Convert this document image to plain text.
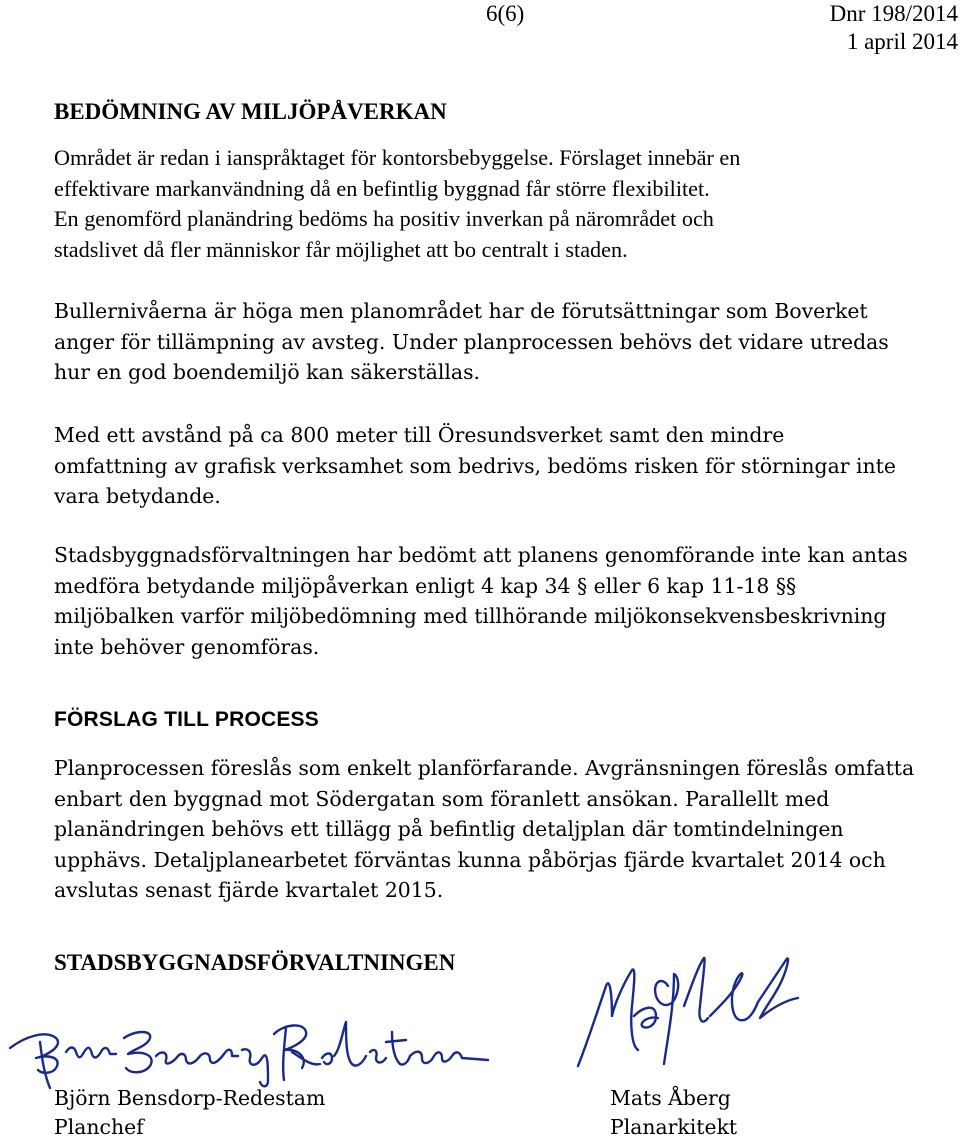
6(6)	Dnr 198/2014
1 april 2014
BEDÖMNING AV MILJÖPÅVERKAN

Området är redan i ianspråktaget för kontorsbebyggelse. Förslaget innebär en
effektivare markanvändning då en befintlig byggnad får större flexibilitet.
En genomförd planändring bedöms ha positiv inverkan på närområdet och
stadslivet då fler människor får möjlighet att bo centralt i staden.

Bullernivåerna är höga men planområdet har de förutsättningar som Boverket
anger för tillämpning av avsteg. Under planprocessen behövs det vidare utredas
hur en god boendemiljö kan säkerställas.

Med ett avstånd på ca 800 meter till Öresundsverket samt den mindre
omfattning av grafisk verksamhet som bedrivs, bedöms risken för störningar inte
vara betydande.

Stadsbyggnadsförvaltningen har bedömt att planens genomförande inte kan antas
medföra betydande miljöpåverkan enligt 4 kap 34 § eller 6 kap 11-18 §§
miljöbalken varför miljöbedömning med tillhörande miljökonsekvensbeskrivning
inte behöver genomföras.

FÖRSLAG TILL PROCESS

Planprocessen föreslås som enkelt planförfarande. Avgränsningen föreslås omfatta
enbart den byggnad mot Södergatan som föranlett ansökan. Parallellt med
planändringen behövs ett tillägg på befintlig detaljplan där tomtindelningen
upphävs. Detaljplanearbetet förväntas kunna påbörjas fjärde kvartalet 2014 och
avslutas senast fjärde kvartalet 2015.

STADSBYGGNADSFÖRVALTNINGEN
Björn Bensdorp-Redestam
Planchef
Mats Åberg
Planarkitekt
